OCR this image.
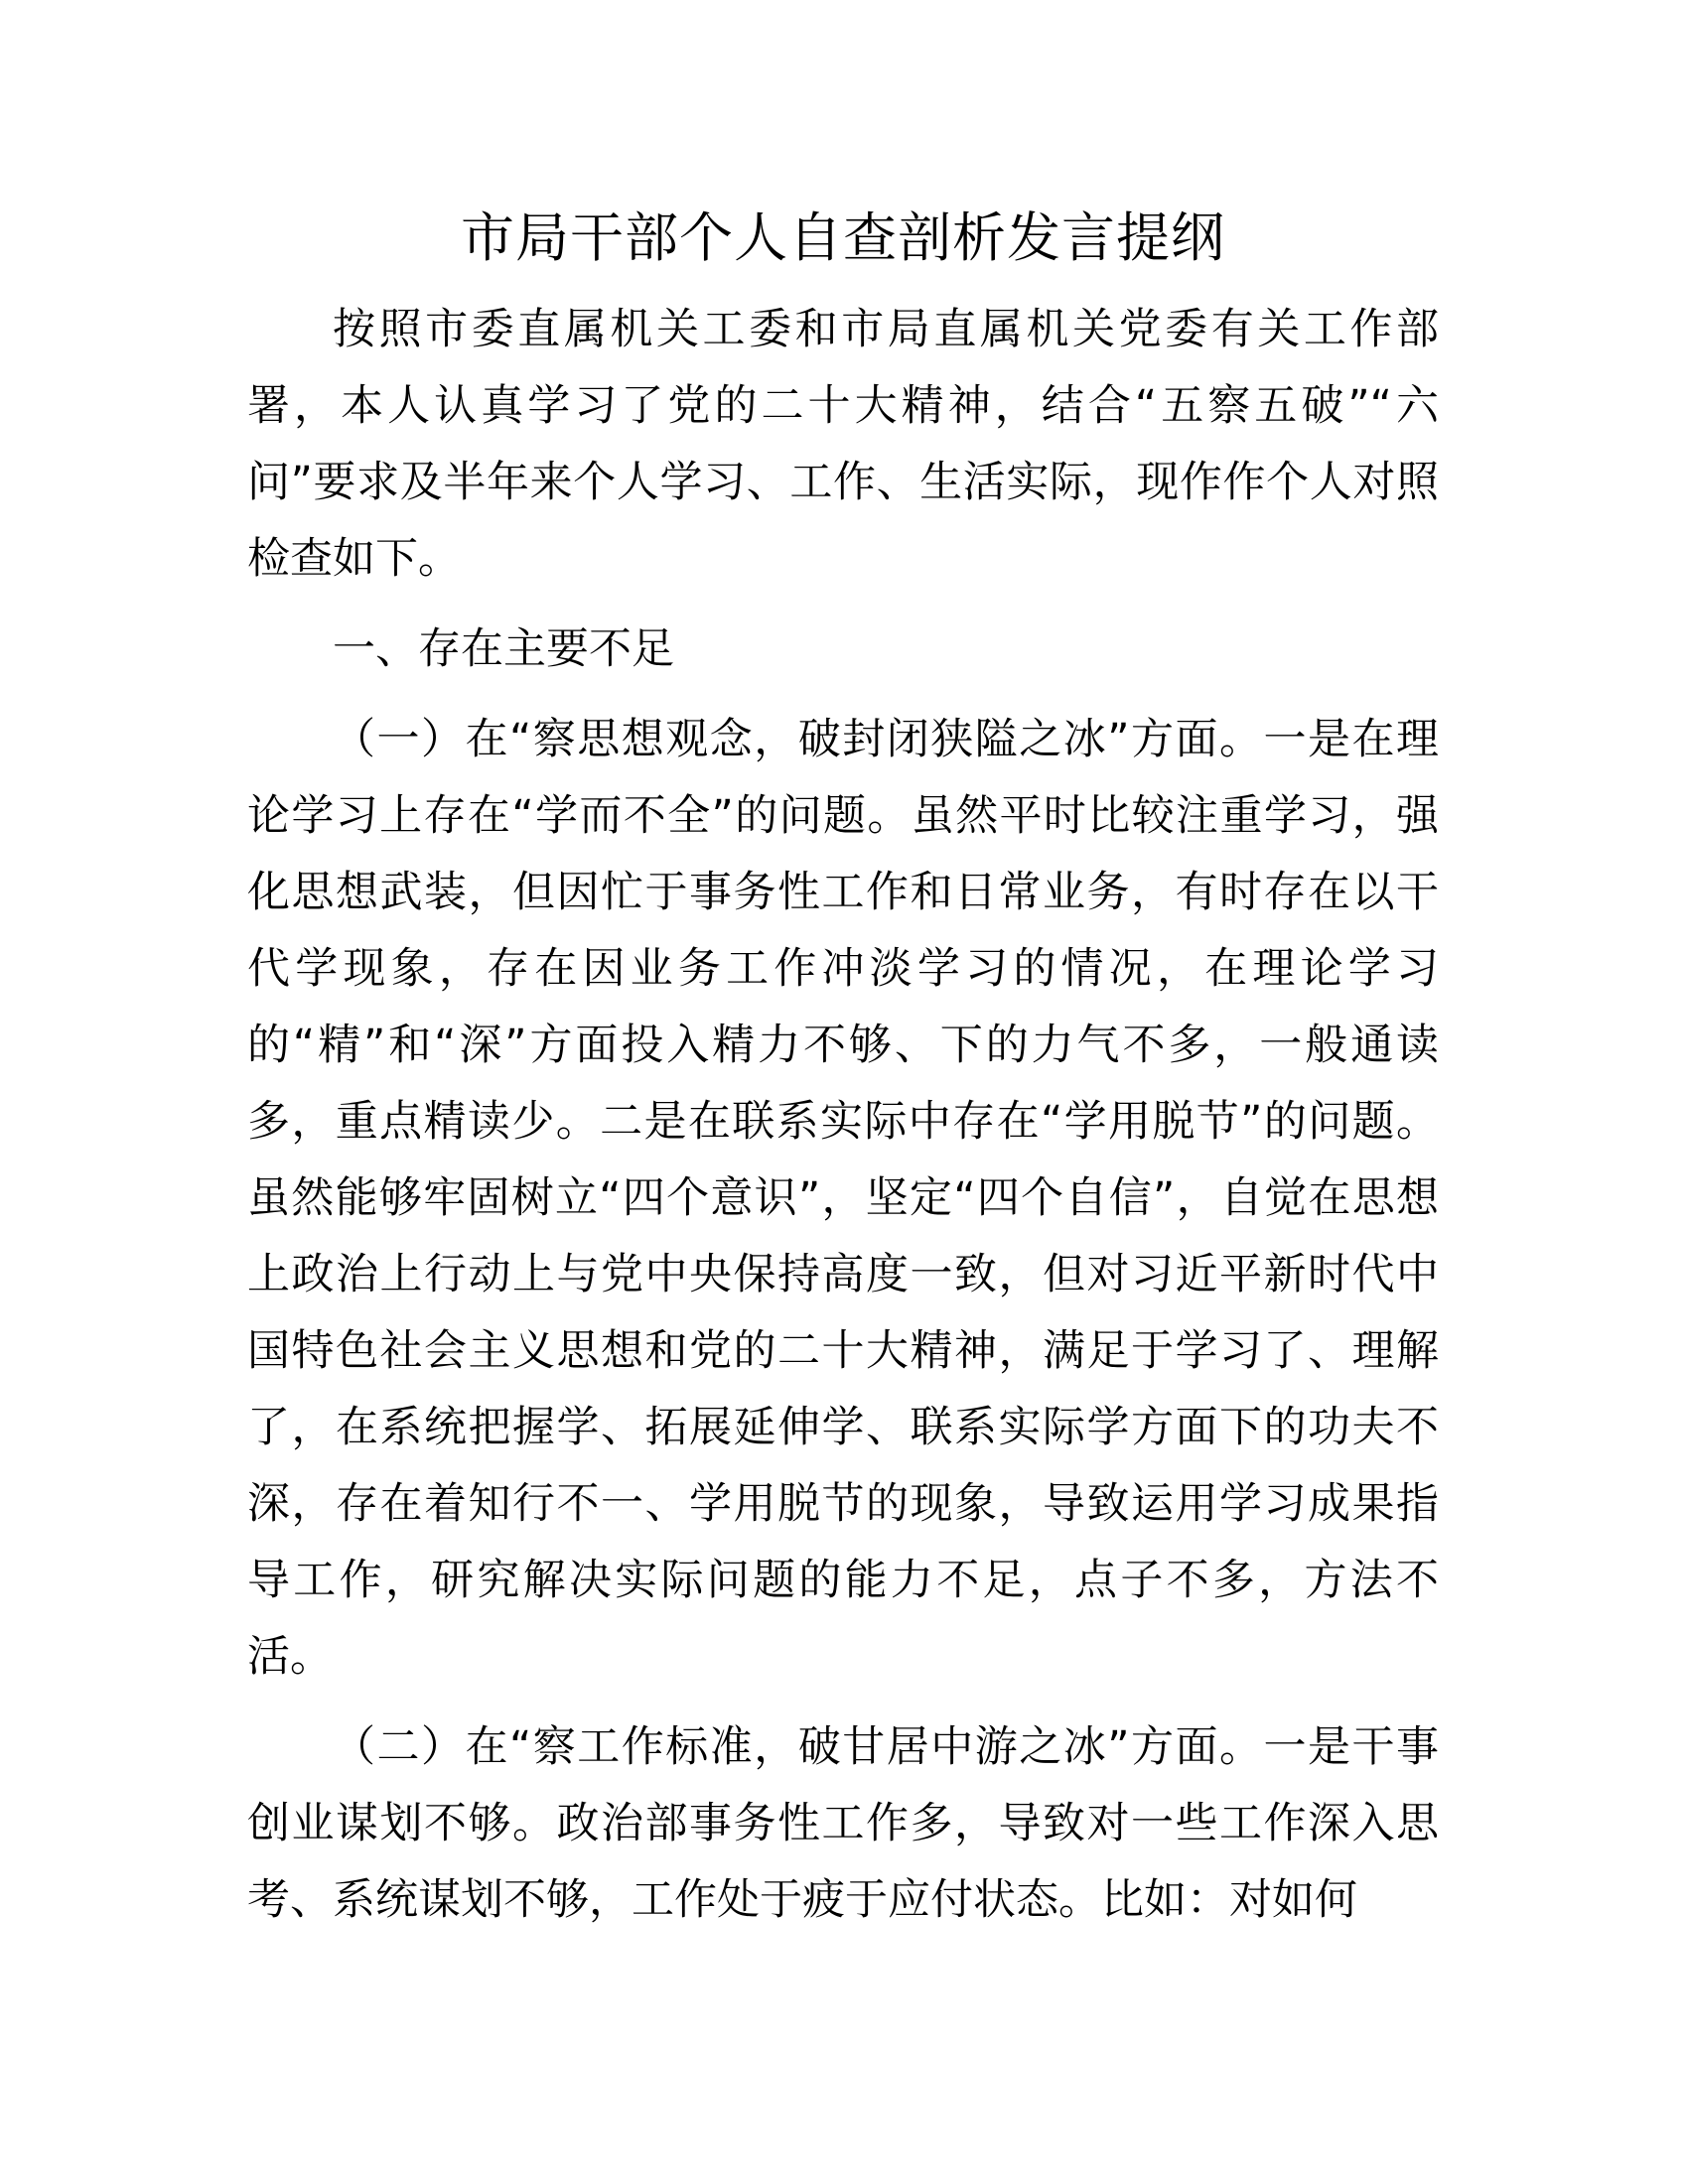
市局干部个人自查剖析发言提纲

按照市委直属机关工委和市局直属机关党委有关工作部署，本人认真学习了党的二十大精神，结合“五察五破”“六问”要求及半年来个人学习、工作、生活实际，现作作个人对照检查如下。

一、存在主要不足

（一）在“察思想观念，破封闭狭隘之冰”方面。一是在理论学习上存在“学而不全”的问题。虽然平时比较注重学习，强化思想武装，但因忙于事务性工作和日常业务，有时存在以干代学现象，存在因业务工作冲淡学习的情况，在理论学习的“精”和“深”方面投入精力不够、下的力气不多，一般通读多，重点精读少。二是在联系实际中存在“学用脱节”的问题。虽然能够牢固树立“四个意识”，坚定“四个自信”，自觉在思想上政治上行动上与党中央保持高度一致，但对习近平新时代中国特色社会主义思想和党的二十大精神，满足于学习了、理解了，在系统把握学、拓展延伸学、联系实际学方面下的功夫不深，存在着知行不一、学用脱节的现象，导致运用学习成果指导工作，研究解决实际问题的能力不足，点子不多，方法不活。

（二）在“察工作标准，破甘居中游之冰”方面。一是干事创业谋划不够。政治部事务性工作多，导致对一些工作深入思考、系统谋划不够，工作处于疲于应付状态。比如：对如何
